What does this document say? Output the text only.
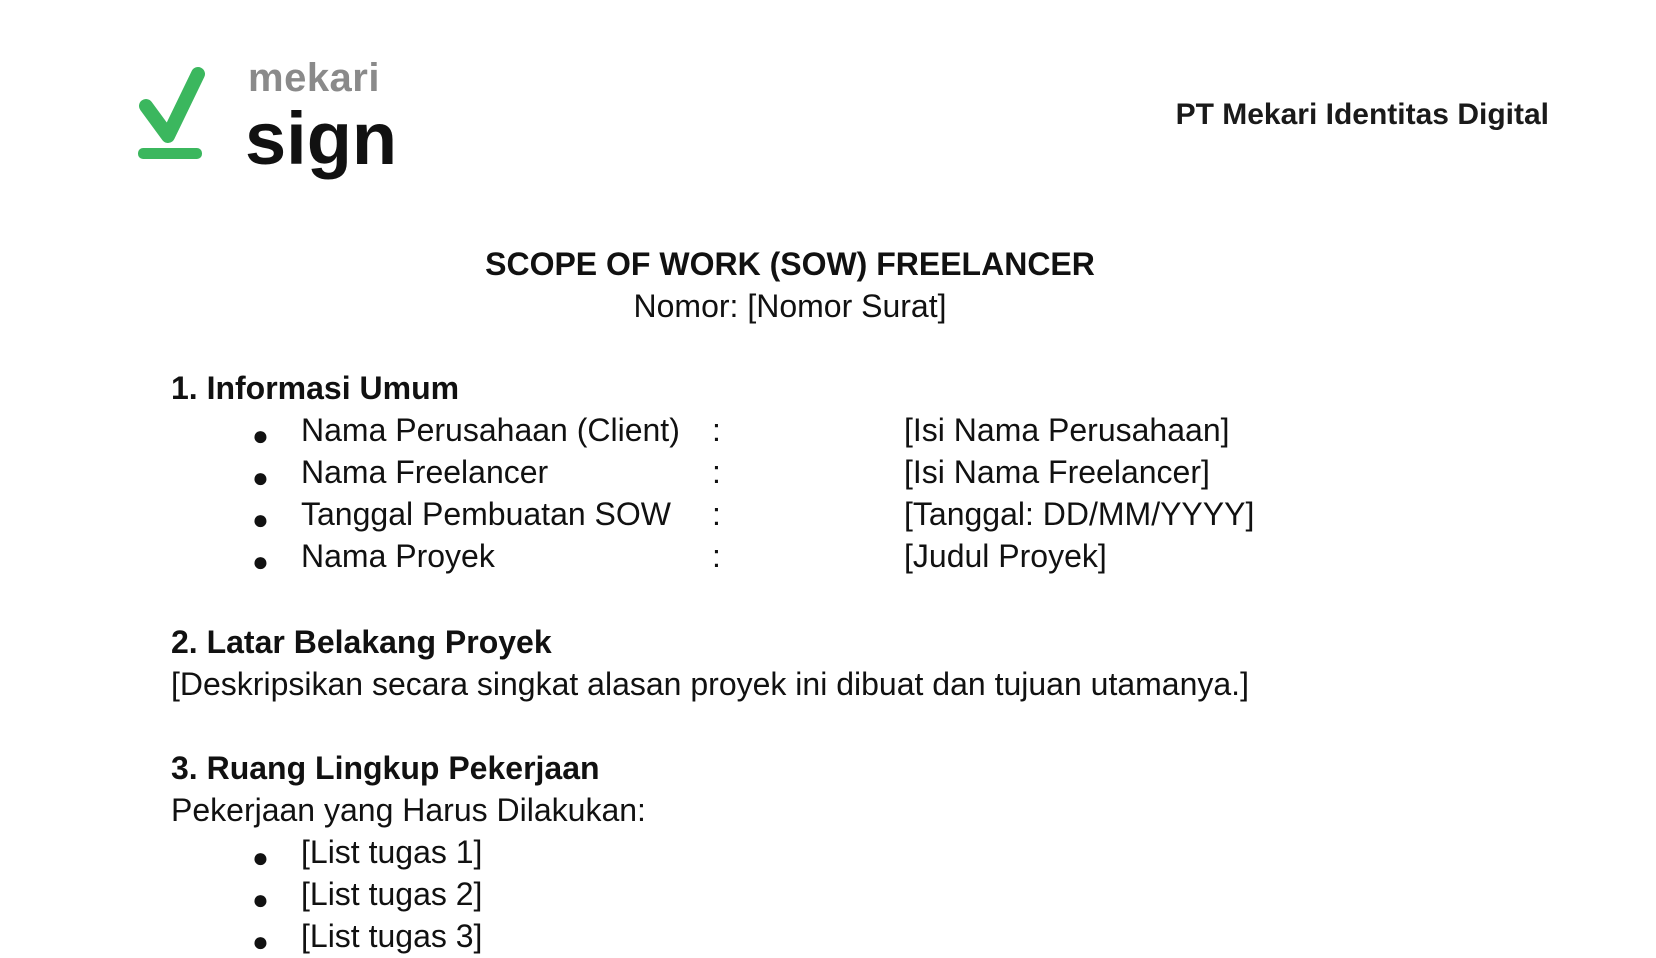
mekari
sign	PT Mekari Identitas Digital
SCOPE OF WORK (SOW) FREELANCER
Nomor: [Nomor Surat]
1. Informasi Umum
● Nama Perusahaan (Client) :	[Isi Nama Perusahaan]
● Nama Freelancer	:	[Isi Nama Freelancer]
● Tanggal Pembuatan SOW :	[Tanggal: DD/MM/YYYY]
● Nama Proyek	:	[Judul Proyek]
2. Latar Belakang Proyek
[Deskripsikan secara singkat alasan proyek ini dibuat dan tujuan utamanya.]
3. Ruang Lingkup Pekerjaan
Pekerjaan yang Harus Dilakukan:
● [List tugas 1]
● [List tugas 2]
● [List tugas 3]
